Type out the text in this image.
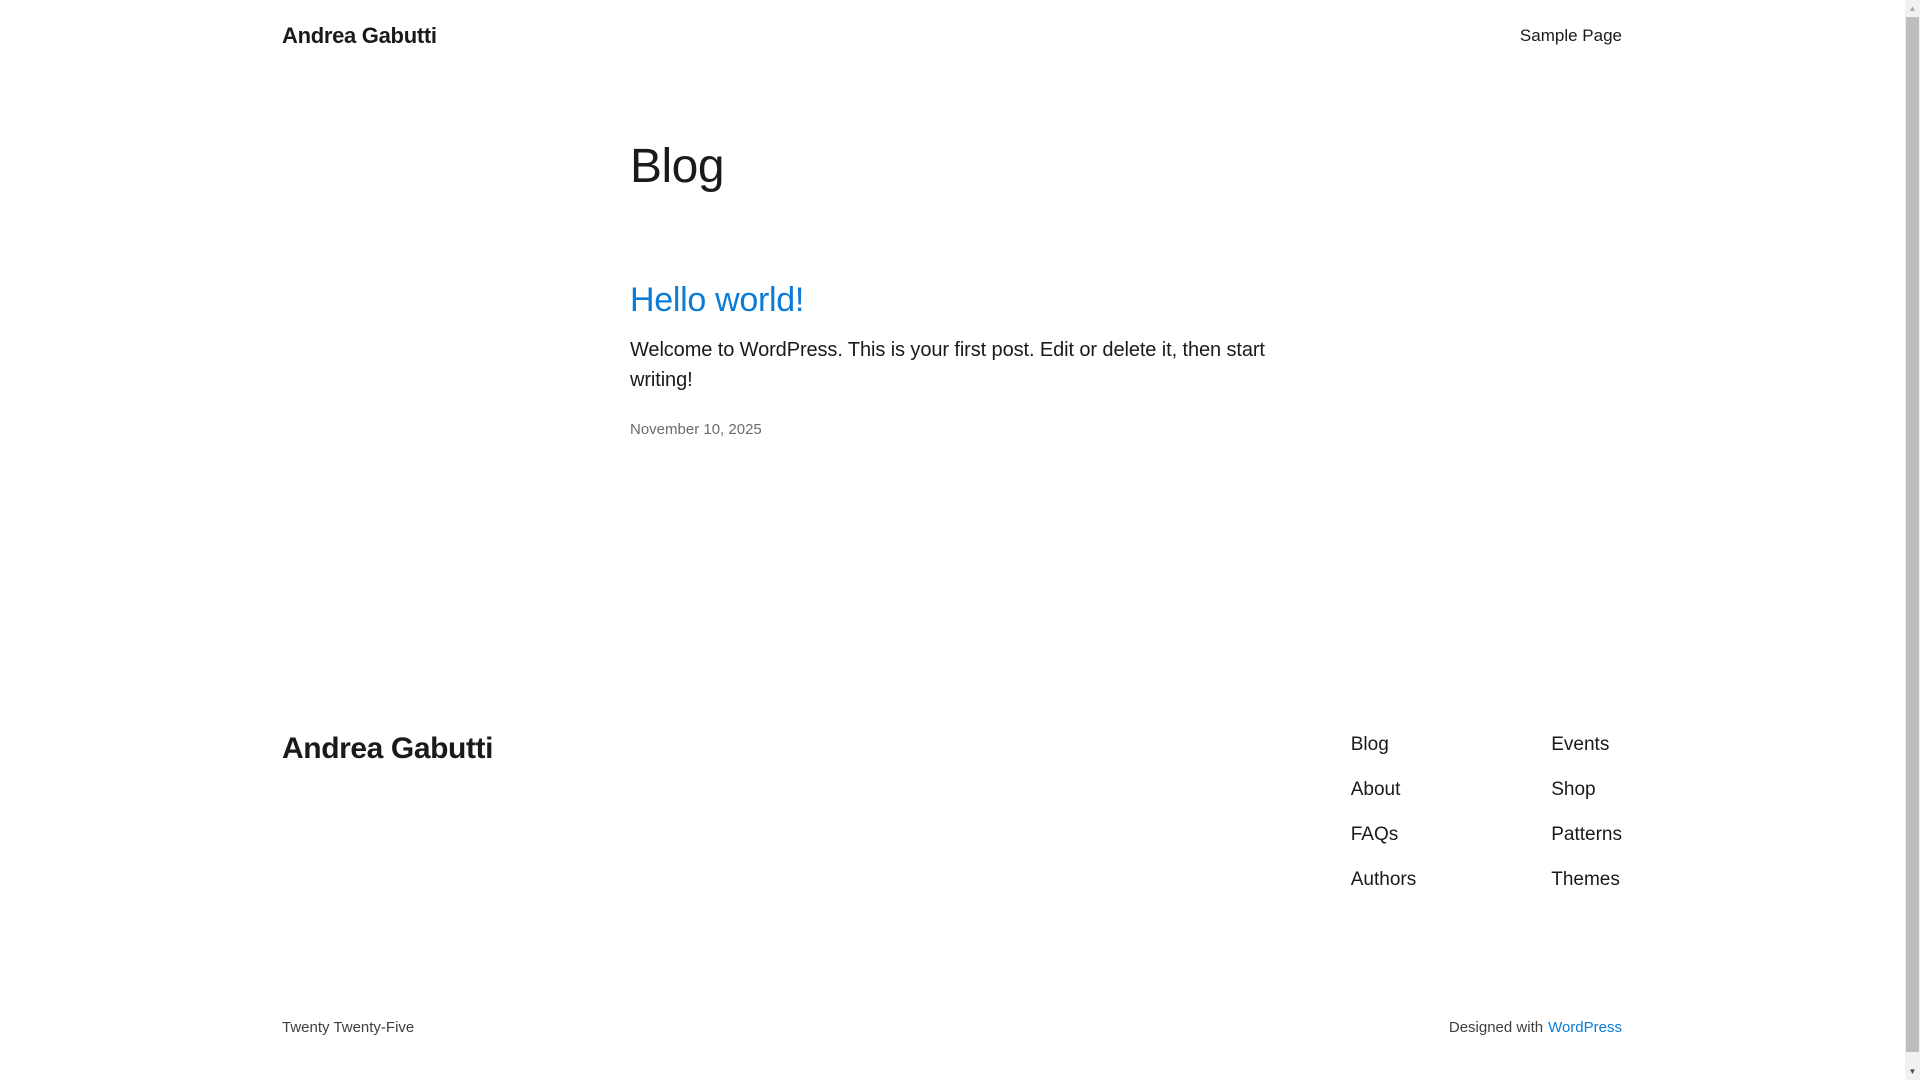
Andrea Gabutti	Sample Page
Blog
Hello world!

Welcome to WordPress. This is your first post. Edit or delete it, then start writing!

November 10, 2025
Andrea Gabutti	Blog
About
FAQs
Authors
Events
Shop
Patterns
Themes
Twenty Twenty-Five	Designed with WordPress
▲
▼
